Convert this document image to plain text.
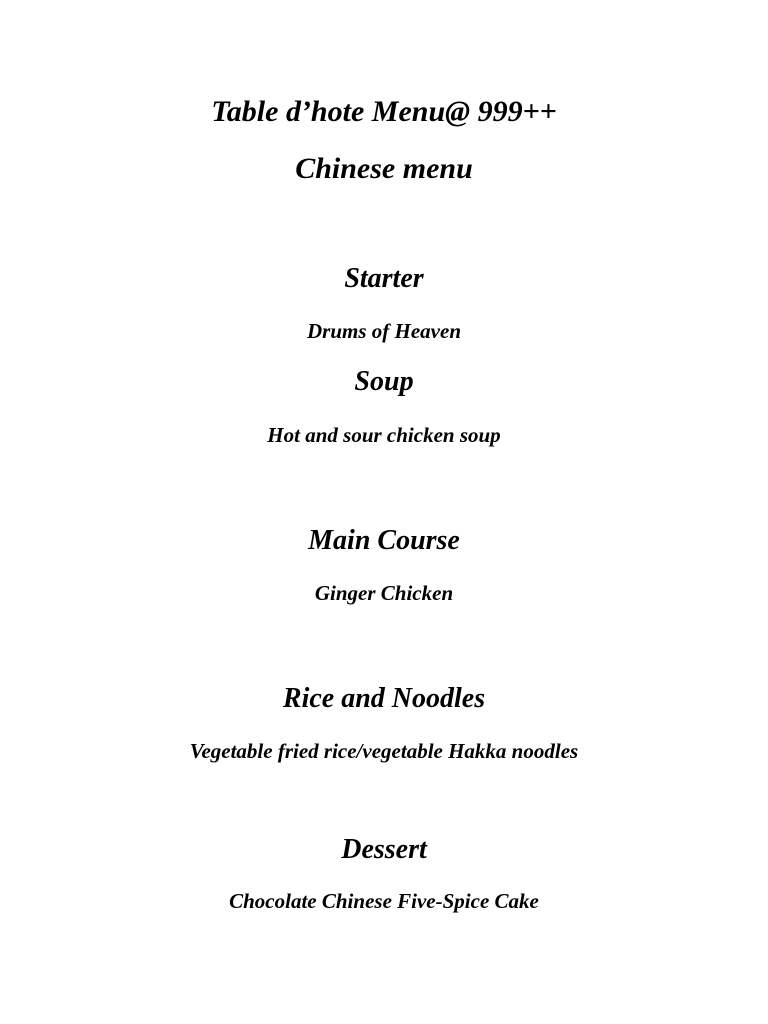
Table d’hote Menu@ 999++
Chinese menu
Starter
Drums of Heaven
Soup
Hot and sour chicken soup
Main Course
Ginger Chicken
Rice and Noodles
Vegetable fried rice/vegetable Hakka noodles
Dessert
Chocolate Chinese Five-Spice Cake
